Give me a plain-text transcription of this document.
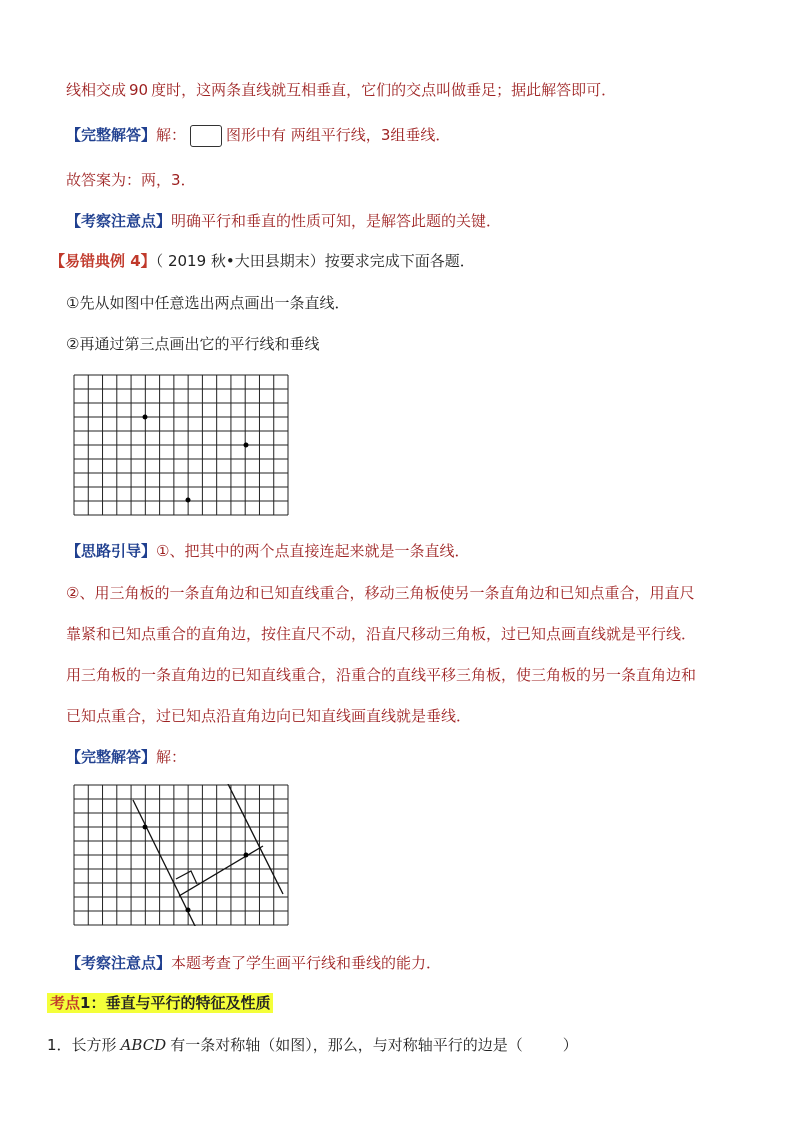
线相交成 90 度时，这两条直线就互相垂直，它们的交点叫做垂足；据此解答即可．
【完整解答】解：	图形中有 两组平行线，3组垂线．
故答案为：两，3．
【考察注意点】明确平行和垂直的性质可知，是解答此题的关键．
【易错典例 4】（ 2019 秋•大田县期末）按要求完成下面各题．
①先从如图中任意选出两点画出一条直线．
②再通过第三点画出它的平行线和垂线
【思路引导】①、把其中的两个点直接连起来就是一条直线．
②、用三角板的一条直角边和已知直线重合，移动三角板使另一条直角边和已知点重合，用直尺
靠紧和已知点重合的直角边，按住直尺不动，沿直尺移动三角板，过已知点画直线就是平行线．
用三角板的一条直角边的已知直线重合，沿重合的直线平移三角板，使三角板的另一条直角边和
已知点重合，过已知点沿直角边向已知直线画直线就是垂线．
【完整解答】解：
【考察注意点】本题考查了学生画平行线和垂线的能力．
考点1：垂直与平行的特征及性质
1．长方形 ABCD 有一条对称轴（如图），那么，与对称轴平行的边是（	）
